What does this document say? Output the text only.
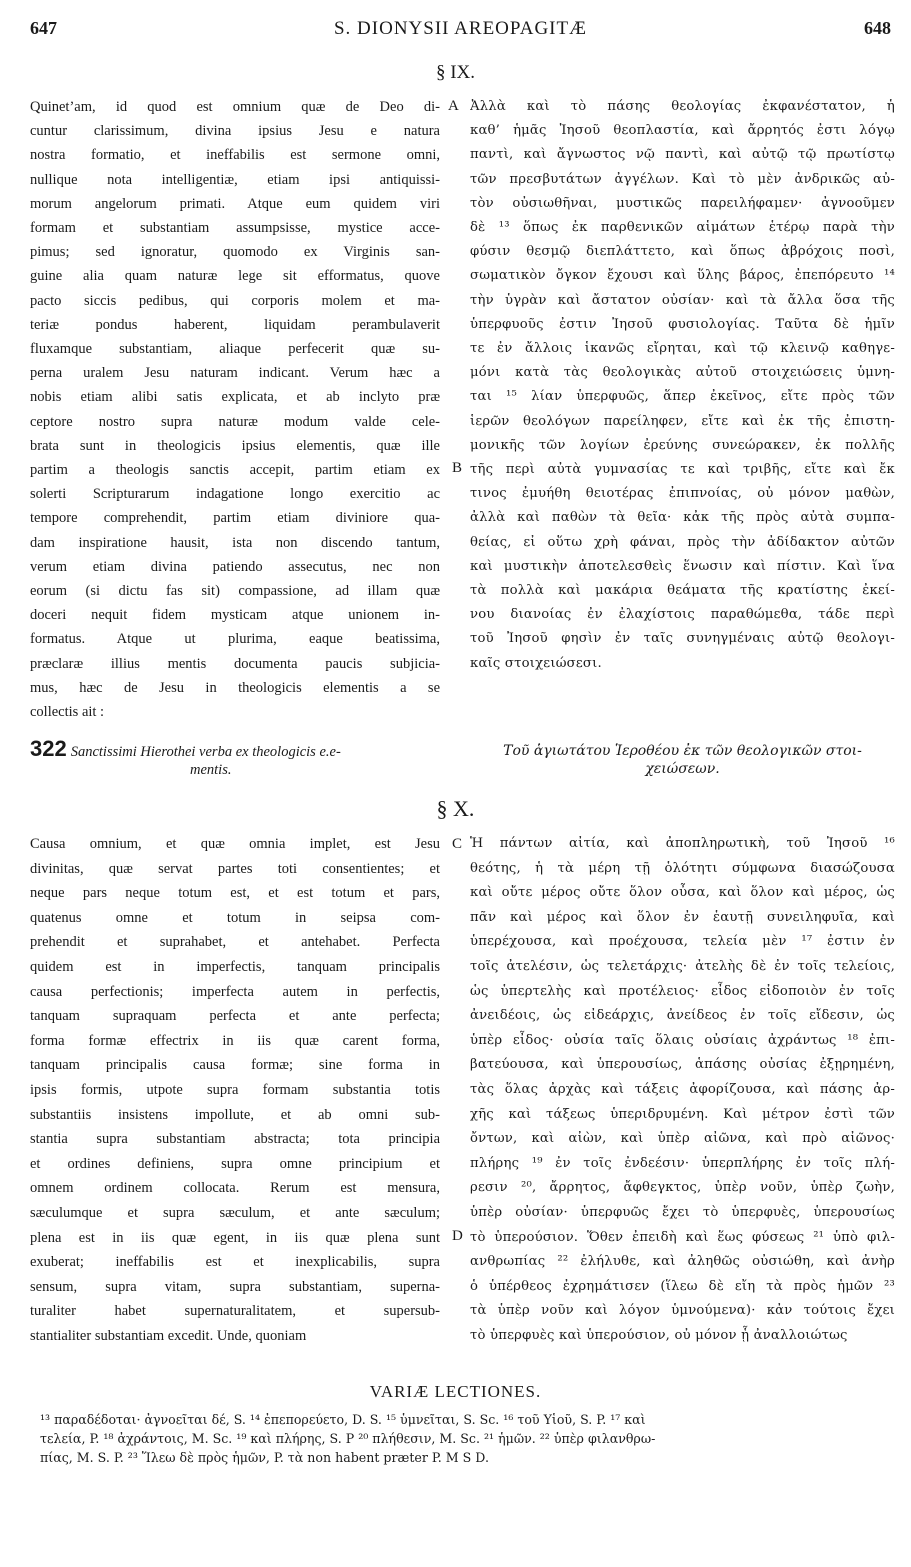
647	S. DIONYSII AREOPAGITÆ	648
§ IX.
Quinet’am, id quod est omnium quæ de Deo di-
cuntur clarissimum, divina ipsius Jesu e natura
nostra formatio, et ineffabilis est sermone omni,
nullique nota intelligentiæ, etiam ipsi antiquissi-
morum angelorum primati. Atque eum quidem viri
formam et substantiam assumpsisse, mystice acce-
pimus; sed ignoratur, quomodo ex Virginis san-
guine alia quam naturæ lege sit efformatus, quove
pacto siccis pedibus, qui corporis molem et ma-
teriæ pondus haberent, liquidam perambulaverit
fluxamque substantiam, aliaque perfecerit quæ su-
perna uralem Jesu naturam indicant. Verum hæc a
nobis etiam alibi satis explicata, et ab inclyto præ
ceptore nostro supra naturæ modum valde cele-
brata sunt in theologicis ipsius elementis, quæ ille
partim a theologis sanctis accepit, partim etiam ex
solerti Scripturarum indagatione longo exercitio ac
tempore comprehendit, partim etiam diviniore qua-
dam inspiratione hausit, ista non discendo tantum,
verum etiam divina patiendo assecutus, nec non
eorum (si dictu fas sit) compassione, ad illam quæ
doceri nequit fidem mysticam atque unionem in-
formatus. Atque ut plurima, eaque beatissima,
præclaræ illius mentis documenta paucis subjicia-
mus, hæc de Jesu in theologicis elementis a se
collectis ait :
Ἀλλὰ καὶ τὸ πάσης θεολογίας ἐκφανέστατον, ἡ
καθ’ ἡμᾶς Ἰησοῦ θεοπλαστία, καὶ ἄρρητός ἐστι λόγῳ
παντὶ, καὶ ἄγνωστος νῷ παντὶ, καὶ αὐτῷ τῷ πρωτίστῳ
τῶν πρεσβυτάτων ἀγγέλων. Καὶ τὸ μὲν ἀνδρικῶς αὐ-
τὸν οὐσιωθῆναι, μυστικῶς παρειλήφαμεν· ἀγνοοῦμεν
δὲ ¹³ ὅπως ἐκ παρθενικῶν αἱμάτων ἑτέρῳ παρὰ τὴν
φύσιν θεσμῷ διεπλάττετο, καὶ ὅπως ἀβρόχοις ποσὶ,
σωματικὸν ὄγκον ἔχουσι καὶ ὕλης βάρος, ἐπεπόρευτο ¹⁴
τὴν ὑγρὰν καὶ ἄστατον οὐσίαν· καὶ τὰ ἄλλα ὅσα τῆς
ὑπερφυοῦς ἐστιν Ἰησοῦ φυσιολογίας. Ταῦτα δὲ ἡμῖν
τε ἐν ἄλλοις ἱκανῶς εἴρηται, καὶ τῷ κλεινῷ καθηγε-
μόνι κατὰ τὰς θεολογικὰς αὐτοῦ στοιχειώσεις ὑμνη-
ται ¹⁵ λίαν ὑπερφυῶς, ἅπερ ἐκεῖνος, εἴτε πρὸς τῶν
ἱερῶν θεολόγων παρείληφεν, εἴτε καὶ ἐκ τῆς ἐπιστη-
μονικῆς τῶν λογίων ἐρεύνης συνεώρακεν, ἐκ πολλῆς
τῆς περὶ αὐτὰ γυμνασίας τε καὶ τριβῆς, εἴτε καὶ ἔκ
τινος ἐμυήθη θειοτέρας ἐπιπνοίας, οὐ μόνον μαθὼν,
ἀλλὰ καὶ παθὼν τὰ θεῖα· κἀκ τῆς πρὸς αὐτὰ συμπα-
θείας, εἰ οὕτω χρὴ φάναι, πρὸς τὴν ἀδίδακτον αὐτῶν
καὶ μυστικὴν ἀποτελεσθεὶς ἕνωσιν καὶ πίστιν. Καὶ ἵνα
τὰ πολλὰ καὶ μακάρια θεάματα τῆς κρατίστης ἐκεί-
νου διανοίας ἐν ἐλαχίστοις παραθώμεθα, τάδε περὶ
τοῦ Ἰησοῦ φησὶν ἐν ταῖς συνηγμέναις αὐτῷ θεολογι-
καῖς στοιχειώσεσι.
A
B
322 Sanctissimi Hierothei verba ex theologicis e.e-
mentis.
Τοῦ ἁγιωτάτου Ἱεροθέου ἐκ τῶν θεολογικῶν στοι-
χειώσεων.
§ X.
Causa omnium, et quæ omnia implet, est Jesu
divinitas, quæ servat partes toti consentientes; et
neque pars neque totum est, et est totum et pars,
quatenus omne et totum in seipsa com-
prehendit et suprahabet, et antehabet. Perfecta
quidem est in imperfectis, tanquam principalis
causa perfectionis; imperfecta autem in perfectis,
tanquam supraquam perfecta et ante perfecta;
forma formæ effectrix in iis quæ carent forma,
tanquam principalis causa formæ; sine forma in
ipsis formis, utpote supra formam substantia totis
substantiis insistens impollute, et ab omni sub-
stantia supra substantiam abstracta; tota principia
et ordines definiens, supra omne principium et
omnem ordinem collocata. Rerum est mensura,
sæculumque et supra sæculum, et ante sæculum;
plena est in iis quæ egent, in iis quæ plena sunt
exuberat; ineffabilis est et inexplicabilis, supra
sensum, supra vitam, supra substantiam, superna-
turaliter habet supernaturalitatem, et supersub-
stantialiter substantiam excedit. Unde, quoniam
Ἡ πάντων αἰτία, καὶ ἀποπληρωτικὴ, τοῦ Ἰησοῦ ¹⁶
θεότης, ἡ τὰ μέρη τῇ ὁλότητι σύμφωνα διασώζουσα
καὶ οὔτε μέρος οὔτε ὅλον οὖσα, καὶ ὅλον καὶ μέρος, ὡς
πᾶν καὶ μέρος καὶ ὅλον ἐν ἑαυτῇ συνειληφυῖα, καὶ
ὑπερέχουσα, καὶ προέχουσα, τελεία μὲν ¹⁷ ἐστιν ἐν
τοῖς ἀτελέσιν, ὡς τελετάρχις· ἀτελὴς δὲ ἐν τοῖς τελείοις,
ὡς ὑπερτελὴς καὶ προτέλειος· εἶδος εἰδοποιὸν ἐν τοῖς
ἀνειδέοις, ὡς εἰδεάρχις, ἀνείδεος ἐν τοῖς εἴδεσιν, ὡς
ὑπὲρ εἶδος· οὐσία ταῖς ὅλαις οὐσίαις ἀχράντως ¹⁸ ἐπι-
βατεύουσα, καὶ ὑπερουσίως, ἁπάσης οὐσίας ἐξῃρημένη,
τὰς ὅλας ἀρχὰς καὶ τάξεις ἀφορίζουσα, καὶ πάσης ἀρ-
χῆς καὶ τάξεως ὑπεριδρυμένη. Καὶ μέτρον ἐστὶ τῶν
ὄντων, καὶ αἰὼν, καὶ ὑπὲρ αἰῶνα, καὶ πρὸ αἰῶνος·
πλήρης ¹⁹ ἐν τοῖς ἐνδεέσιν· ὑπερπλήρης ἐν τοῖς πλή-
ρεσιν ²⁰, ἄρρητος, ἄφθεγκτος, ὑπὲρ νοῦν, ὑπὲρ ζωὴν,
ὑπὲρ οὐσίαν· ὑπερφυῶς ἔχει τὸ ὑπερφυὲς, ὑπερουσίως
τὸ ὑπερούσιον. Ὅθεν ἐπειδὴ καὶ ἕως φύσεως ²¹ ὑπὸ φιλ-
ανθρωπίας ²² ἐλήλυθε, καὶ ἀληθῶς οὐσιώθη, καὶ ἀνὴρ
ὁ ὑπέρθεος ἐχρημάτισεν (ἵλεω δὲ εἴη τὰ πρὸς ἡμῶν ²³
τὰ ὑπὲρ νοῦν καὶ λόγον ὑμνούμενα)· κἀν τούτοις ἔχει
τὸ ὑπερφυὲς καὶ ὑπερούσιον, οὐ μόνον ᾗ ἀναλλοιώτως
C
D
VARIÆ LECTIONES.
¹³ παραδέδοται· ἀγνοεῖται δέ, S. ¹⁴ ἐπεπορεύετο, D. S. ¹⁵ ὑμνεῖται, S. Sc. ¹⁶ τοῦ Υἱοῦ, S. P. ¹⁷ καὶ
τελεία, P. ¹⁸ ἀχράντοις, M. Sc. ¹⁹ καὶ πλήρης, S. P ²⁰ πλήθεσιν, M. Sc. ²¹ ἡμῶν. ²² ὑπὲρ φιλανθρω-
πίας, M. S. P. ²³ Ἵλεω δὲ πρὸς ἡμῶν, P. τὰ non habent præter P. M S D.
